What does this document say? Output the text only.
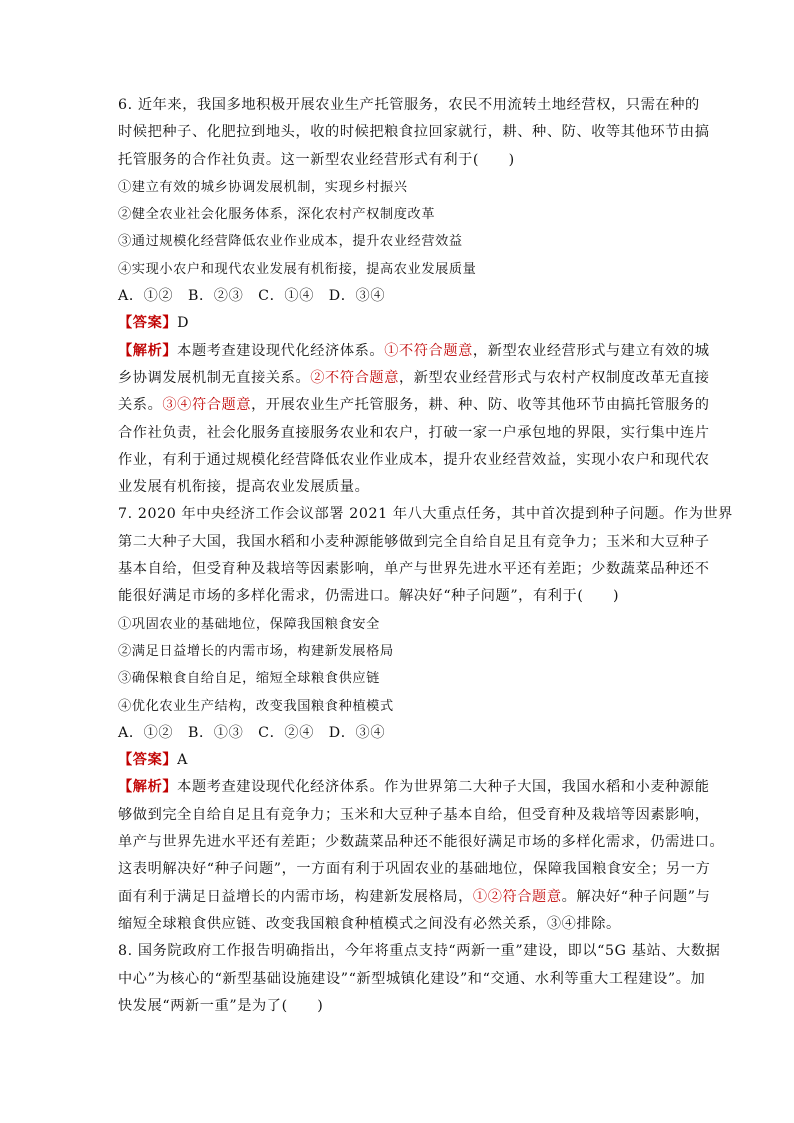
6. 近年来，我国多地积极开展农业生产托管服务，农民不用流转土地经营权，只需在种的
时候把种子、化肥拉到地头，收的时候把粮食拉回家就行，耕、种、防、收等其他环节由搞
托管服务的合作社负责。这一新型农业经营形式有利于(　　)
①建立有效的城乡协调发展机制，实现乡村振兴
②健全农业社会化服务体系，深化农村产权制度改革
③通过规模化经营降低农业作业成本，提升农业经营效益
④实现小农户和现代农业发展有机衔接，提高农业发展质量
A．①②　B．②③　C．①④　D．③④
【答案】D
【解析】本题考查建设现代化经济体系。①不符合题意，新型农业经营形式与建立有效的城
乡协调发展机制无直接关系。②不符合题意，新型农业经营形式与农村产权制度改革无直接
关系。③④符合题意，开展农业生产托管服务，耕、种、防、收等其他环节由搞托管服务的
合作社负责，社会化服务直接服务农业和农户，打破一家一户承包地的界限，实行集中连片
作业，有利于通过规模化经营降低农业作业成本，提升农业经营效益，实现小农户和现代农
业发展有机衔接，提高农业发展质量。
7. 2020 年中央经济工作会议部署 2021 年八大重点任务，其中首次提到种子问题。作为世界
第二大种子大国，我国水稻和小麦种源能够做到完全自给自足且有竞争力；玉米和大豆种子
基本自给，但受育种及栽培等因素影响，单产与世界先进水平还有差距；少数蔬菜品种还不
能很好满足市场的多样化需求，仍需进口。解决好“种子问题”，有利于(　　)
①巩固农业的基础地位，保障我国粮食安全
②满足日益增长的内需市场，构建新发展格局
③确保粮食自给自足，缩短全球粮食供应链
④优化农业生产结构，改变我国粮食种植模式
A．①②　B．①③　C．②④　D．③④
【答案】A
【解析】本题考查建设现代化经济体系。作为世界第二大种子大国，我国水稻和小麦种源能
够做到完全自给自足且有竞争力；玉米和大豆种子基本自给，但受育种及栽培等因素影响，
单产与世界先进水平还有差距；少数蔬菜品种还不能很好满足市场的多样化需求，仍需进口。
这表明解决好“种子问题”，一方面有利于巩固农业的基础地位，保障我国粮食安全；另一方
面有利于满足日益增长的内需市场，构建新发展格局，①②符合题意。解决好“种子问题”与
缩短全球粮食供应链、改变我国粮食种植模式之间没有必然关系，③④排除。
8. 国务院政府工作报告明确指出，今年将重点支持“两新一重”建设，即以“5G 基站、大数据
中心”为核心的“新型基础设施建设”“新型城镇化建设”和“交通、水利等重大工程建设”。加
快发展“两新一重”是为了(　　)
